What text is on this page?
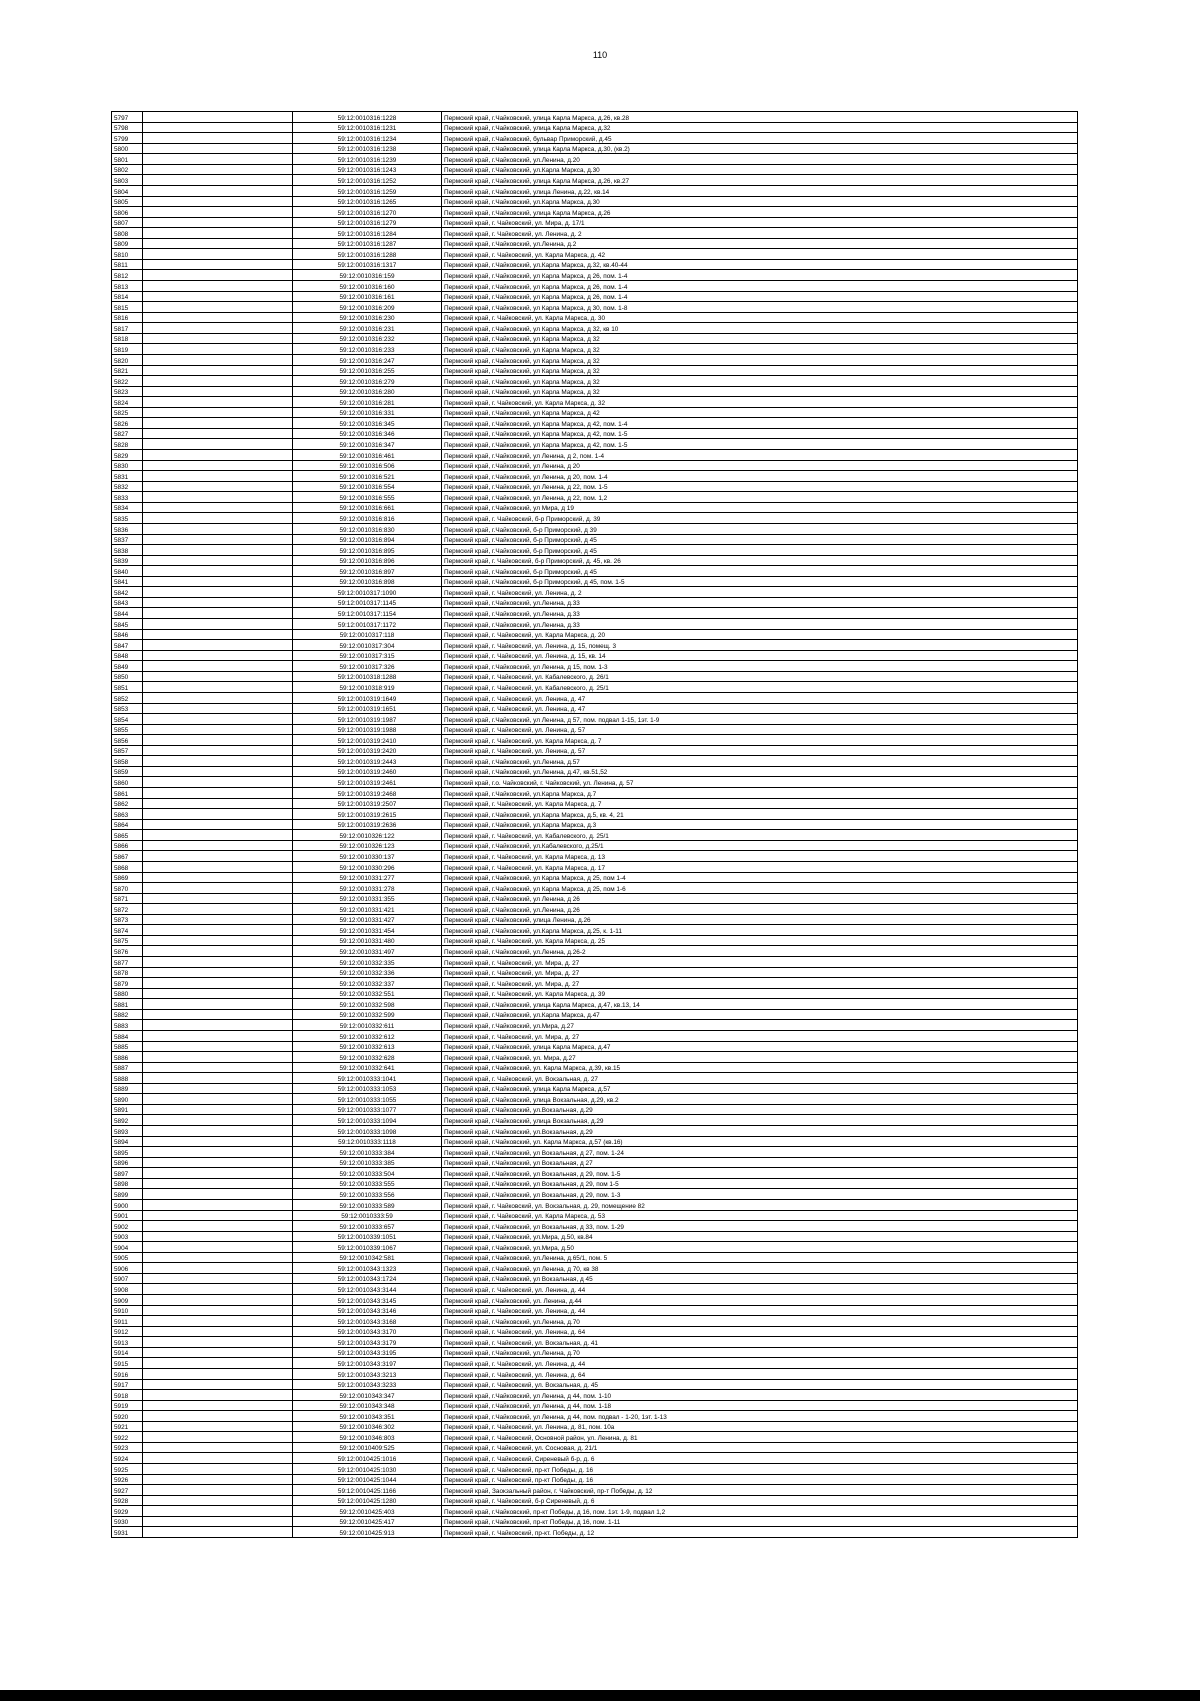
110
5797		59:12:0010316:1228	Пермский край, г.Чайковский, улица Карла Маркса, д.26, кв.28
5798		59:12:0010316:1231	Пермский край, г.Чайковский, улица Карла Маркса, д.32
5799		59:12:0010316:1234	Пермский край, г.Чайковский, бульвар Приморский, д.45
5800		59:12:0010316:1238	Пермский край, г.Чайковский, улица Карла Маркса, д.30, (кв.2)
5801		59:12:0010316:1239	Пермский край, г.Чайковский, ул.Ленина, д.20
5802		59:12:0010316:1243	Пермский край, г.Чайковский, ул.Карла Маркса, д.30
5803		59:12:0010316:1252	Пермский край, г.Чайковский, улица Карла Маркса, д.26, кв.27
5804		59:12:0010316:1259	Пермский край, г.Чайковский, улица Ленина, д.22, кв.14
5805		59:12:0010316:1265	Пермский край, г.Чайковский, ул.Карла Маркса, д.30
5806		59:12:0010316:1270	Пермский край, г.Чайковский, улица Карла Маркса, д.26
5807		59:12:0010316:1279	Пермский край, г. Чайковский, ул. Мира, д. 17/1
5808		59:12:0010316:1284	Пермский край, г. Чайковский, ул. Ленина, д. 2
5809		59:12:0010316:1287	Пермский край, г.Чайковский, ул.Ленина, д.2
5810		59:12:0010316:1288	Пермский край, г. Чайковский, ул. Карла Маркса, д. 42
5811		59:12:0010316:1317	Пермский край, г.Чайковский, ул.Карла Маркса, д.32, кв.40-44
5812		59:12:0010316:159	Пермский край, г.Чайковский, ул Карла Маркса, д 26, пом. 1-4
5813		59:12:0010316:160	Пермский край, г.Чайковский, ул Карла Маркса, д 26, пом. 1-4
5814		59:12:0010316:161	Пермский край, г.Чайковский, ул Карла Маркса, д 26, пом. 1-4
5815		59:12:0010316:209	Пермский край, г.Чайковский, ул Карла Маркса, д 30, пом. 1-8
5816		59:12:0010316:230	Пермский край, г. Чайковский, ул. Карла Маркса, д. 30
5817		59:12:0010316:231	Пермский край, г.Чайковский, ул Карла Маркса, д 32, кв 10
5818		59:12:0010316:232	Пермский край, г.Чайковский, ул Карла Маркса, д 32
5819		59:12:0010316:233	Пермский край, г.Чайковский, ул Карла Маркса, д 32
5820		59:12:0010316:247	Пермский край, г.Чайковский, ул Карла Маркса, д 32
5821		59:12:0010316:255	Пермский край, г.Чайковский, ул Карла Маркса, д 32
5822		59:12:0010316:279	Пермский край, г.Чайковский, ул Карла Маркса, д 32
5823		59:12:0010316:280	Пермский край, г.Чайковский, ул Карла Маркса, д 32
5824		59:12:0010316:281	Пермский край, г. Чайковский, ул. Карла Маркса, д. 32
5825		59:12:0010316:331	Пермский край, г.Чайковский, ул Карла Маркса, д 42
5826		59:12:0010316:345	Пермский край, г.Чайковский, ул Карла Маркса, д 42, пом. 1-4
5827		59:12:0010316:346	Пермский край, г.Чайковский, ул Карла Маркса, д 42, пом. 1-5
5828		59:12:0010316:347	Пермский край, г.Чайковский, ул Карла Маркса, д 42, пом. 1-5
5829		59:12:0010316:461	Пермский край, г.Чайковский, ул Ленина, д 2, пом. 1-4
5830		59:12:0010316:506	Пермский край, г.Чайковский, ул Ленина, д 20
5831		59:12:0010316:521	Пермский край, г.Чайковский, ул Ленина, д 20, пом. 1-4
5832		59:12:0010316:554	Пермский край, г.Чайковский, ул Ленина, д 22, пом. 1-5
5833		59:12:0010316:555	Пермский край, г.Чайковский, ул Ленина, д 22, пом. 1,2
5834		59:12:0010316:661	Пермский край, г.Чайковский, ул Мира, д 19
5835		59:12:0010316:816	Пермский край, г. Чайковский, б-р Приморский, д. 39
5836		59:12:0010316:830	Пермский край, г.Чайковский, б-р Приморский, д 39
5837		59:12:0010316:894	Пермский край, г.Чайковский, б-р Приморский, д 45
5838		59:12:0010316:895	Пермский край, г.Чайковский, б-р Приморский, д 45
5839		59:12:0010316:896	Пермский край, г. Чайковский, б-р Приморский, д. 45, кв. 26
5840		59:12:0010316:897	Пермский край, г.Чайковский, б-р Приморский, д 45
5841		59:12:0010316:898	Пермский край, г.Чайковский, б-р Приморский, д 45, пом. 1-5
5842		59:12:0010317:1090	Пермский край, г. Чайковский, ул. Ленина, д. 2
5843		59:12:0010317:1145	Пермский край, г.Чайковский, ул.Ленина, д.33
5844		59:12:0010317:1154	Пермский край, г.Чайковский, ул.Ленина, д.33
5845		59:12:0010317:1172	Пермский край, г.Чайковский, ул.Ленина, д.33
5846		59:12:0010317:118	Пермский край, г. Чайковский, ул. Карла Маркса, д. 20
5847		59:12:0010317:304	Пермский край, г. Чайковский, ул. Ленина, д. 15, помещ. 3
5848		59:12:0010317:315	Пермский край, г. Чайковский, ул. Ленина, д. 15, кв. 14
5849		59:12:0010317:326	Пермский край, г.Чайковский, ул Ленина, д 15, пом. 1-3
5850		59:12:0010318:1288	Пермский край, г. Чайковский, ул. Кабалевского, д. 26/1
5851		59:12:0010318:919	Пермский край, г. Чайковский, ул. Кабалевского, д. 25/1
5852		59:12:0010319:1649	Пермский край, г. Чайковский, ул. Ленина, д. 47
5853		59:12:0010319:1651	Пермский край, г. Чайковский, ул. Ленина, д. 47
5854		59:12:0010319:1987	Пермский край, г.Чайковский, ул Ленина, д 57, пом. подвал 1-15, 1эт. 1-9
5855		59:12:0010319:1988	Пермский край, г. Чайковский, ул. Ленина, д. 57
5856		59:12:0010319:2410	Пермский край, г. Чайковский, ул. Карла Маркса, д. 7
5857		59:12:0010319:2420	Пермский край, г. Чайковский, ул. Ленина, д. 57
5858		59:12:0010319:2443	Пермский край, г.Чайковский, ул.Ленина, д.57
5859		59:12:0010319:2460	Пермский край, г.Чайковский, ул.Ленина, д.47, кв.51,52
5860		59:12:0010319:2461	Пермский край, г.о. Чайковский, г. Чайковский, ул. Ленина, д. 57
5861		59:12:0010319:2468	Пермский край, г.Чайковский, ул.Карла Маркса, д.7
5862		59:12:0010319:2507	Пермский край, г. Чайковский, ул. Карла Маркса, д. 7
5863		59:12:0010319:2615	Пермский край, г.Чайковский, ул.Карла Маркса, д.5, кв. 4, 21
5864		59:12:0010319:2636	Пермский край, г.Чайковский, ул.Карла Маркса, д.3
5865		59:12:0010326:122	Пермский край, г. Чайковский, ул. Кабалевского, д. 25/1
5866		59:12:0010326:123	Пермский край, г.Чайковский, ул.Кабалевского, д.25/1
5867		59:12:0010330:137	Пермский край, г. Чайковский, ул. Карла Маркса, д. 13
5868		59:12:0010330:296	Пермский край, г. Чайковский, ул. Карла Маркса, д. 17
5869		59:12:0010331:277	Пермский край, г.Чайковский, ул Карла Маркса, д 25, пом 1-4
5870		59:12:0010331:278	Пермский край, г.Чайковский, ул Карла Маркса, д 25, пом 1-6
5871		59:12:0010331:355	Пермский край, г.Чайковский, ул Ленина, д 26
5872		59:12:0010331:421	Пермский край, г.Чайковский, ул.Ленина, д.26
5873		59:12:0010331:427	Пермский край, г.Чайковский, улица Ленина, д.26
5874		59:12:0010331:454	Пермский край, г.Чайковский, ул.Карла Маркса, д.25, к. 1-11
5875		59:12:0010331:480	Пермский край, г. Чайковский, ул. Карла Маркса, д. 25
5876		59:12:0010331:497	Пермский край, г.Чайковский, ул.Ленина, д.26-2
5877		59:12:0010332:335	Пермский край, г. Чайковский, ул. Мира, д. 27
5878		59:12:0010332:336	Пермский край, г. Чайковский, ул. Мира, д. 27
5879		59:12:0010332:337	Пермский край, г. Чайковский, ул. Мира, д. 27
5880		59:12:0010332:551	Пермский край, г. Чайковский, ул. Карла Маркса, д. 39
5881		59:12:0010332:598	Пермский край, г.Чайковский, улица Карла Маркса, д.47, кв.13, 14
5882		59:12:0010332:599	Пермский край, г.Чайковский, ул.Карла Маркса, д.47
5883		59:12:0010332:611	Пермский край, г.Чайковский, ул.Мира, д.27
5884		59:12:0010332:612	Пермский край, г. Чайковский, ул. Мира, д. 27
5885		59:12:0010332:613	Пермский край, г.Чайковский, улица Карла Маркса, д.47
5886		59:12:0010332:628	Пермский край, г.Чайковский, ул. Мира, д.27
5887		59:12:0010332:641	Пермский край, г.Чайковский, ул. Карла Маркса, д.39, кв.15
5888		59:12:0010333:1041	Пермский край, г. Чайковский, ул. Вокзальная, д. 27
5889		59:12:0010333:1053	Пермский край, г.Чайковский, улица Карла Маркса, д.57
5890		59:12:0010333:1055	Пермский край, г.Чайковский, улица Вокзальная, д.29, кв.2
5891		59:12:0010333:1077	Пермский край, г.Чайковский, ул.Вокзальная, д.29
5892		59:12:0010333:1094	Пермский край, г.Чайковский, улица Вокзальная, д.29
5893		59:12:0010333:1098	Пермский край, г.Чайковский, ул.Вокзальная, д.29
5894		59:12:0010333:1118	Пермский край, г.Чайковский, ул. Карла Маркса, д.57 (кв.16)
5895		59:12:0010333:384	Пермский край, г.Чайковский, ул Вокзальная, д 27, пом. 1-24
5896		59:12:0010333:385	Пермский край, г.Чайковский, ул Вокзальная, д 27
5897		59:12:0010333:504	Пермский край, г.Чайковский, ул Вокзальная, д 29, пом. 1-5
5898		59:12:0010333:555	Пермский край, г.Чайковский, ул Вокзальная, д 29, пом 1-5
5899		59:12:0010333:556	Пермский край, г.Чайковский, ул Вокзальная, д 29, пом. 1-3
5900		59:12:0010333:589	Пермский край, г. Чайковский, ул. Вокзальная, д. 29, помещение 82
5901		59:12:0010333:59	Пермский край, г. Чайковский, ул. Карла Маркса, д. 53
5902		59:12:0010333:657	Пермский край, г.Чайковский, ул Вокзальная, д 33, пом. 1-29
5903		59:12:0010339:1051	Пермский край, г.Чайковский, ул.Мира, д.50, кв.84
5904		59:12:0010339:1067	Пермский край, г.Чайковский, ул.Мира, д.50
5905		59:12:0010342:581	Пермский край, г.Чайковский, ул.Ленина, д.65/1, пом. 5
5906		59:12:0010343:1323	Пермский край, г.Чайковский, ул Ленина, д 70, кв 38
5907		59:12:0010343:1724	Пермский край, г.Чайковский, ул Вокзальная, д 45
5908		59:12:0010343:3144	Пермский край, г. Чайковский, ул. Ленина, д. 44
5909		59:12:0010343:3145	Пермский край, г.Чайковский, ул. Ленина, д.44
5910		59:12:0010343:3146	Пермский край, г. Чайковский, ул. Ленина, д. 44
5911		59:12:0010343:3168	Пермский край, г.Чайковский, ул.Ленина, д.70
5912		59:12:0010343:3170	Пермский край, г. Чайковский, ул. Ленина, д. 64
5913		59:12:0010343:3179	Пермский край, г. Чайковский, ул. Вокзальная, д. 41
5914		59:12:0010343:3195	Пермский край, г.Чайковский, ул.Ленина, д.70
5915		59:12:0010343:3197	Пермский край, г. Чайковский, ул. Ленина, д. 44
5916		59:12:0010343:3213	Пермский край, г. Чайковский, ул. Ленина, д. 64
5917		59:12:0010343:3233	Пермский край, г. Чайковский, ул. Вокзальная, д. 45
5918		59:12:0010343:347	Пермский край, г.Чайковский, ул Ленина, д 44, пом. 1-10
5919		59:12:0010343:348	Пермский край, г.Чайковский, ул Ленина, д 44, пом. 1-18
5920		59:12:0010343:351	Пермский край, г.Чайковский, ул Ленина, д 44, пом. подвал - 1-20, 1эт. 1-13
5921		59:12:0010346:302	Пермский край, г. Чайковский, ул. Ленина, д. 81, пом. 10а
5922		59:12:0010346:803	Пермский край, г. Чайковский, Основной район, ул. Ленина, д. 81
5923		59:12:0010409:525	Пермский край, г. Чайковский, ул. Сосновая, д. 21/1
5924		59:12:0010425:1016	Пермский край, г. Чайковский, Сиреневый б-р, д. 6
5925		59:12:0010425:1030	Пермский край, г. Чайковский, пр-кт Победы, д. 16
5926		59:12:0010425:1044	Пермский край, г. Чайковский, пр-кт Победы, д. 16
5927		59:12:0010425:1166	Пермский край, Заокзальный район, г. Чайковский, пр-т Победы, д. 12
5928		59:12:0010425:1280	Пермский край, г. Чайковский, б-р Сиреневый, д. 6
5929		59:12:0010425:403	Пермский край, г.Чайковский, пр-кт Победы, д 16, пом. 1эт. 1-9, подвал 1,2
5930		59:12:0010425:417	Пермский край, г.Чайковский, пр-кт Победы, д 16, пом. 1-11
5931		59:12:0010425:913	Пермский край, г. Чайковский, пр-кт. Победы, д. 12
